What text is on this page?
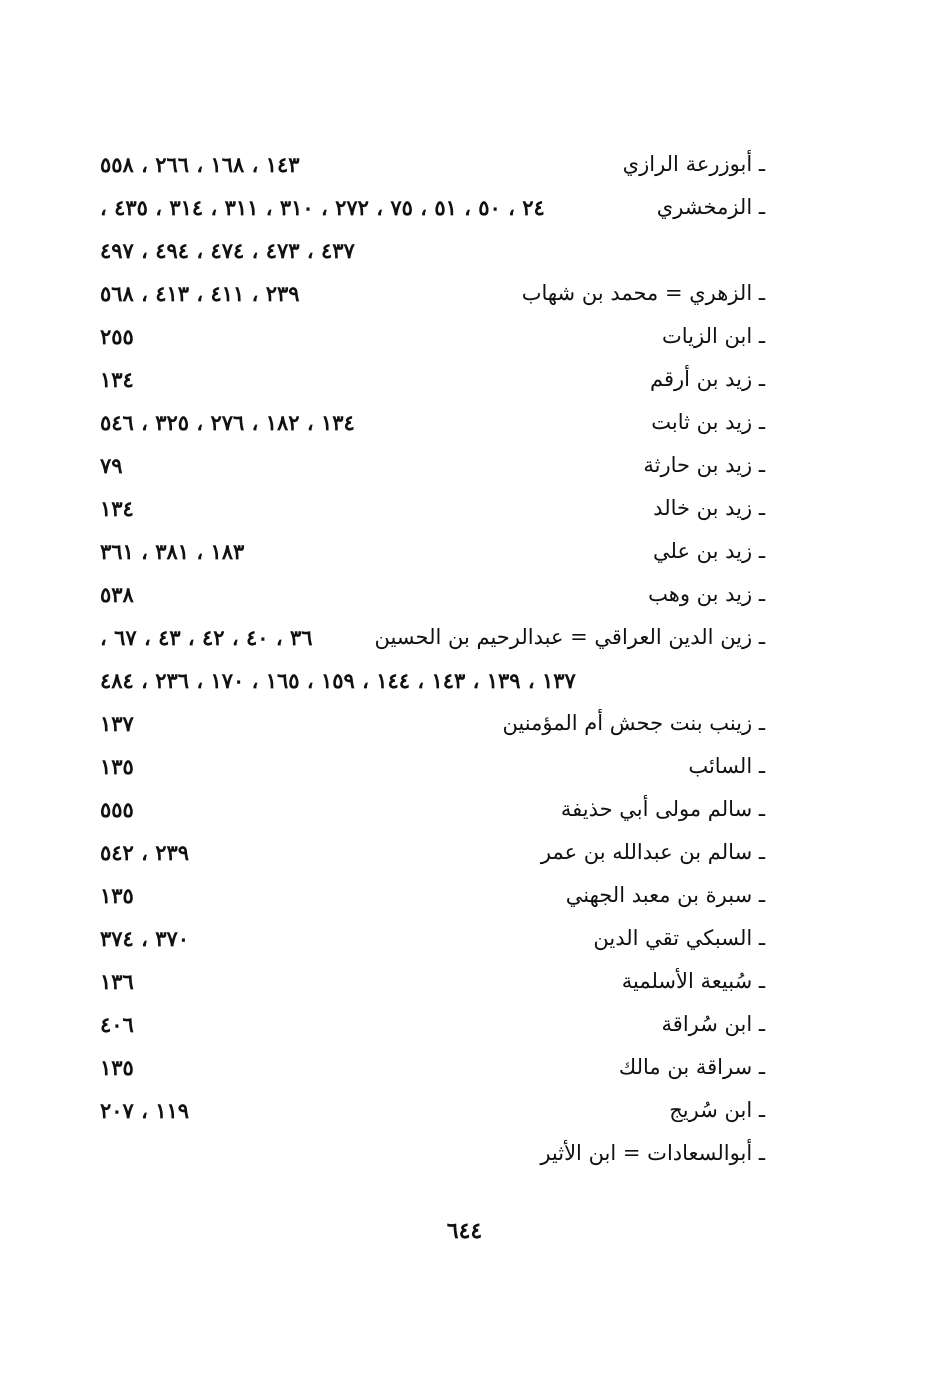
ـ أبوزرعة الرازي
١٤٣ ، ١٦٨ ، ٢٦٦ ، ٥٥٨
ـ الزمخشري
٢٤ ، ٥٠ ، ٥١ ، ٧٥ ، ٢٧٢ ، ٣١٠ ، ٣١١ ، ٣١٤ ، ٤٣٥ ،
٤٣٧ ، ٤٧٣ ، ٤٧٤ ، ٤٩٤ ، ٤٩٧
ـ الزهري = محمد بن شهاب
٢٣٩ ، ٤١١ ، ٤١٣ ، ٥٦٨
ـ ابن الزيات
٢٥٥
ـ زيد بن أرقم
١٣٤
ـ زيد بن ثابت
١٣٤ ، ١٨٢ ، ٢٧٦ ، ٣٢٥ ، ٥٤٦
ـ زيد بن حارثة
٧٩
ـ زيد بن خالد
١٣٤
ـ زيد بن علي
١٨٣ ، ٣٨١ ، ٣٦١
ـ زيد بن وهب
٥٣٨
ـ زين الدين العراقي = عبدالرحيم بن الحسين
٣٦ ، ٤٠ ، ٤٢ ، ٤٣ ، ٦٧ ،
١٣٧ ، ١٣٩ ، ١٤٣ ، ١٤٤ ، ١٥٩ ، ١٦٥ ، ١٧٠ ، ٢٣٦ ، ٤٨٤
ـ زينب بنت جحش أم المؤمنين
١٣٧
ـ السائب
١٣٥
ـ سالم مولى أبي حذيفة
٥٥٥
ـ سالم بن عبدالله بن عمر
٢٣٩ ، ٥٤٢
ـ سبرة بن معبد الجهني
١٣٥
ـ السبكي تقي الدين
٣٧٠ ، ٣٧٤
ـ سُبيعة الأسلمية
١٣٦
ـ ابن سُراقة
٤٠٦
ـ سراقة بن مالك
١٣٥
ـ ابن سُريج
١١٩ ، ٢٠٧
ـ أبوالسعادات = ابن الأثير
٦٤٤
